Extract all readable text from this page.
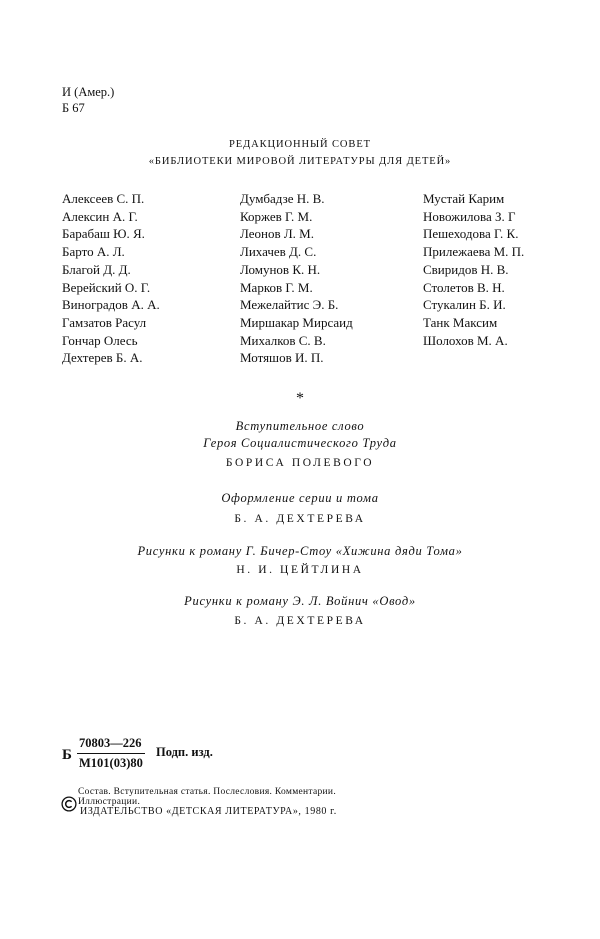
И (Амер.)
Б 67
РЕДАКЦИОННЫЙ СОВЕТ
«БИБЛИОТЕКИ МИРОВОЙ ЛИТЕРАТУРЫ ДЛЯ ДЕТЕЙ»
Алексеев С. П.
Алексин А. Г.
Барабаш Ю. Я.
Барто А. Л.
Благой Д. Д.
Верейский О. Г.
Виноградов А. А.
Гамзатов Расул
Гончар Олесь
Дехтерев Б. А.
Думбадзе Н. В.
Коржев Г. М.
Леонов Л. М.
Лихачев Д. С.
Ломунов К. Н.
Марков Г. М.
Межелайтис Э. Б.
Миршакар Мирсаид
Михалков С. В.
Мотяшов И. П.
Мустай Карим
Новожилова З. Г
Пешеходова Г. К.
Прилежаева М. П.
Свиридов Н. В.
Столетов В. Н.
Стукалин Б. И.
Танк Максим
Шолохов М. А.
*
Вступительное слово
Героя Социалистического Труда
БОРИСА ПОЛЕВОГО
Оформление серии и тома
Б. А. ДЕХТЕРЕВА
Рисунки к роману Г. Бичер-Стоу «Хижина дяди Тома»
Н. И. ЦЕЙТЛИНА
Рисунки к роману Э. Л. Войнич «Овод»
Б. А. ДЕХТЕРЕВА
Б
70803—226
М101(03)80
Подп. изд.
Состав. Вступительная статья. Послесловия. Комментарии.
Иллюстрации.
ИЗДАТЕЛЬСТВО «ДЕТСКАЯ ЛИТЕРАТУРА», 1980 г.
